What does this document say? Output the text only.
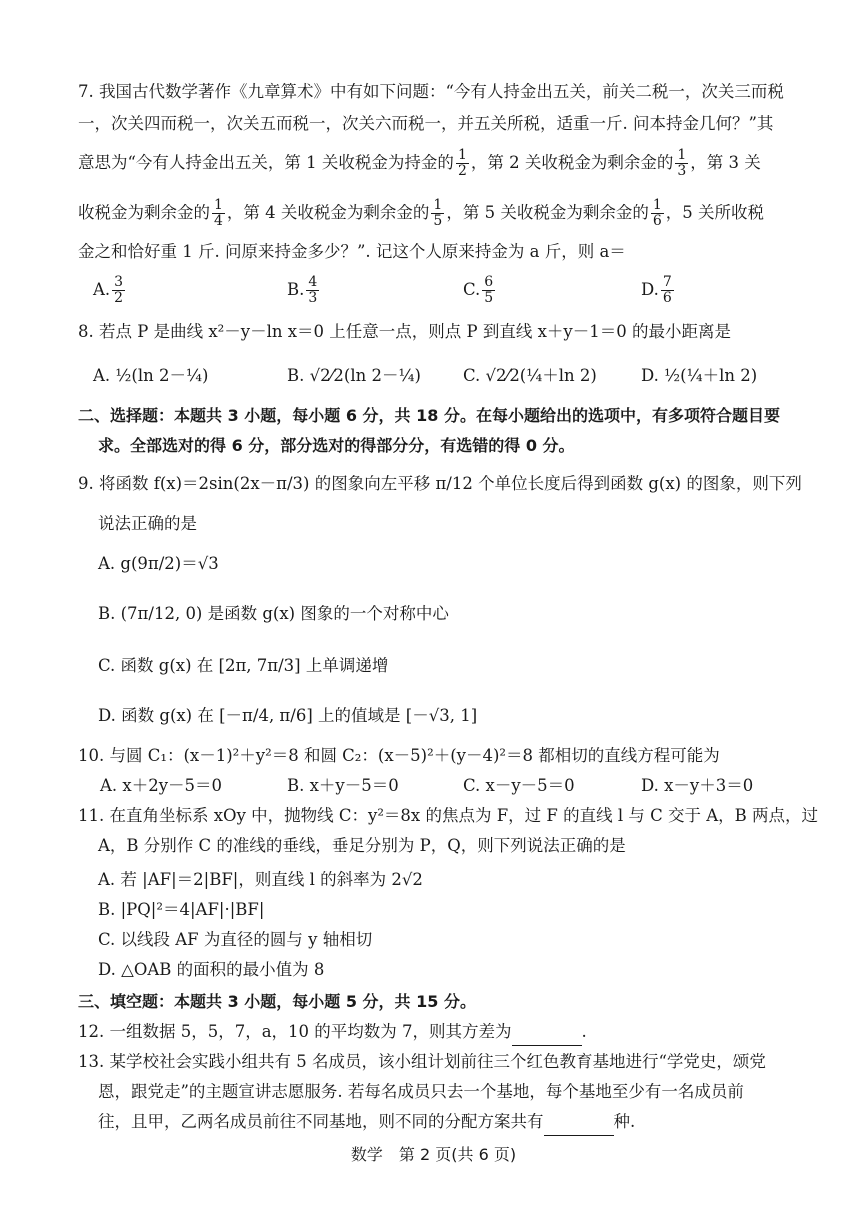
7. 我国古代数学著作《九章算术》中有如下问题：“今有人持金出五关，前关二税一，次关三而税
一，次关四而税一，次关五而税一，次关六而税一，并五关所税，适重一斤. 问本持金几何？”其
意思为“今有人持金出五关，第 1 关收税金为持金的 $\frac{1}{2}$ ，第 2 关收税金为剩余金的 $\frac{1}{3}$ ，第 3 关
收税金为剩余金的 $\frac{1}{4}$ ，第 4 关收税金为剩余金的 $\frac{1}{5}$ ，第 5 关收税金为剩余金的 $\frac{1}{6}$ ，5 关所收税
金之和恰好重 1 斤. 问原来持金多少？”. 记这个人原来持金为 a 斤，则 a＝
A. $\frac{3}{2}$	B. $\frac{4}{3}$	C. $\frac{6}{5}$	D. $\frac{7}{6}$
8. 若点 P 是曲线 x²－y－ln x＝0 上任意一点，则点 P 到直线 x＋y－1＝0 的最小距离是
A. ½(ln 2－¼)	B. √2⁄2(ln 2－¼)	C. √2⁄2(¼＋ln 2)	D. ½(¼＋ln 2)
二、选择题：本题共 3 小题，每小题 6 分，共 18 分。在每小题给出的选项中，有多项符合题目要
求。全部选对的得 6 分，部分选对的得部分分，有选错的得 0 分。
9. 将函数 f(x)＝2sin(2x－π/3) 的图象向左平移 π/12 个单位长度后得到函数 g(x) 的图象，则下列
说法正确的是
A. g(9π/2)＝√3
B. (7π/12, 0) 是函数 g(x) 图象的一个对称中心
C. 函数 g(x) 在 [2π, 7π/3] 上单调递增
D. 函数 g(x) 在 [－π/4, π/6] 上的值域是 [－√3, 1]
10. 与圆 C₁：(x－1)²＋y²＝8 和圆 C₂：(x－5)²＋(y－4)²＝8 都相切的直线方程可能为
A. x＋2y－5＝0	B. x＋y－5＝0	C. x－y－5＝0	D. x－y＋3＝0
11. 在直角坐标系 xOy 中，抛物线 C：y²＝8x 的焦点为 F，过 F 的直线 l 与 C 交于 A，B 两点，过
A，B 分别作 C 的准线的垂线，垂足分别为 P，Q，则下列说法正确的是
A. 若 |AF|＝2|BF|，则直线 l 的斜率为 2√2
B. |PQ|²＝4|AF|·|BF|
C. 以线段 AF 为直径的圆与 y 轴相切
D. △OAB 的面积的最小值为 8
三、填空题：本题共 3 小题，每小题 5 分，共 15 分。
12. 一组数据 5，5，7，a，10 的平均数为 7，则其方差为	.
13. 某学校社会实践小组共有 5 名成员，该小组计划前往三个红色教育基地进行“学党史，颂党
恩，跟党走”的主题宣讲志愿服务. 若每名成员只去一个基地，每个基地至少有一名成员前
往，且甲，乙两名成员前往不同基地，则不同的分配方案共有	种.
数学　第 2 页(共 6 页)
